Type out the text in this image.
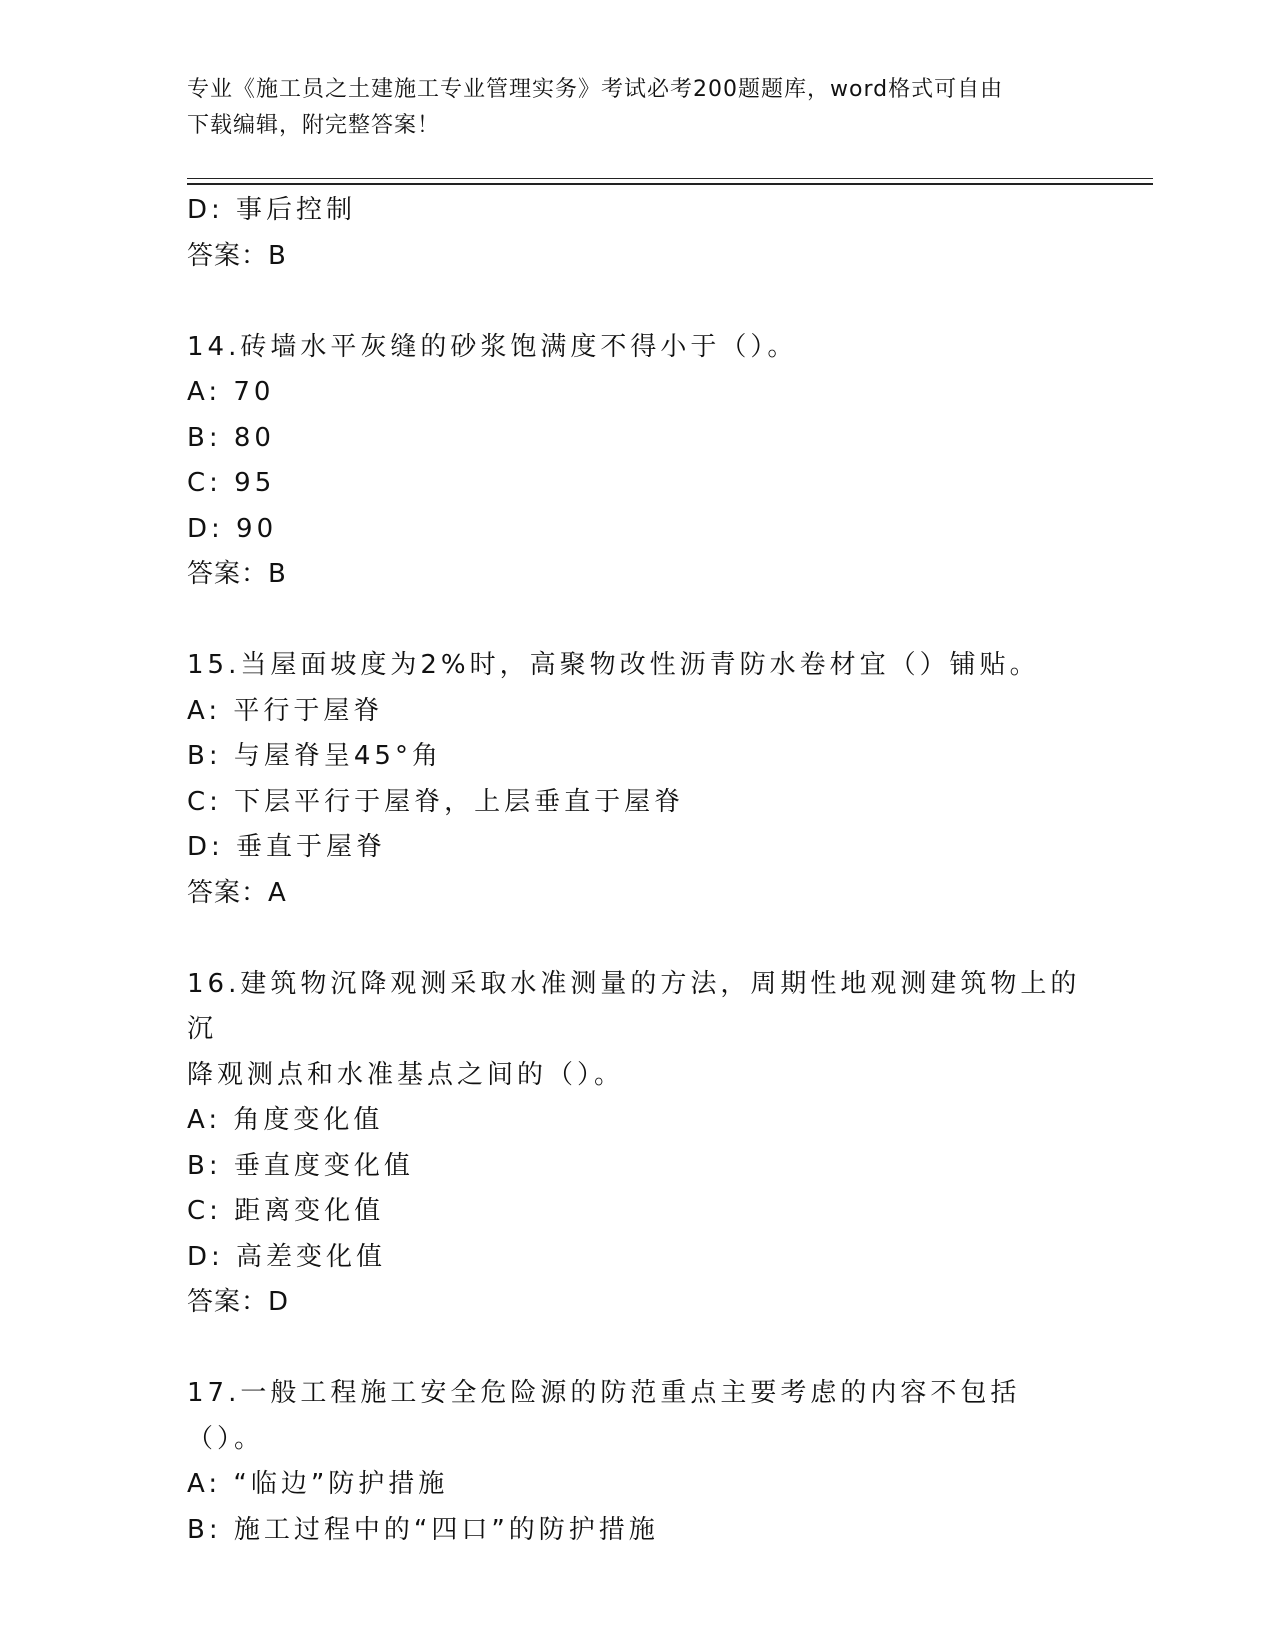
专业《施工员之土建施工专业管理实务》考试必考200题题库，word格式可自由
下载编辑，附完整答案！
D: 事后控制
答案：B
14.砖墙水平灰缝的砂浆饱满度不得小于（）。
A: 70
B: 80
C: 95
D: 90
答案：B
15.当屋面坡度为2%时，高聚物改性沥青防水卷材宜（）铺贴。
A: 平行于屋脊
B: 与屋脊呈45°角
C: 下层平行于屋脊，上层垂直于屋脊
D: 垂直于屋脊
答案：A
16.建筑物沉降观测采取水准测量的方法，周期性地观测建筑物上的沉
降观测点和水准基点之间的（）。
A: 角度变化值
B: 垂直度变化值
C: 距离变化值
D: 高差变化值
答案：D
17.一般工程施工安全危险源的防范重点主要考虑的内容不包括（）。
A: “临边”防护措施
B: 施工过程中的“四口”的防护措施
